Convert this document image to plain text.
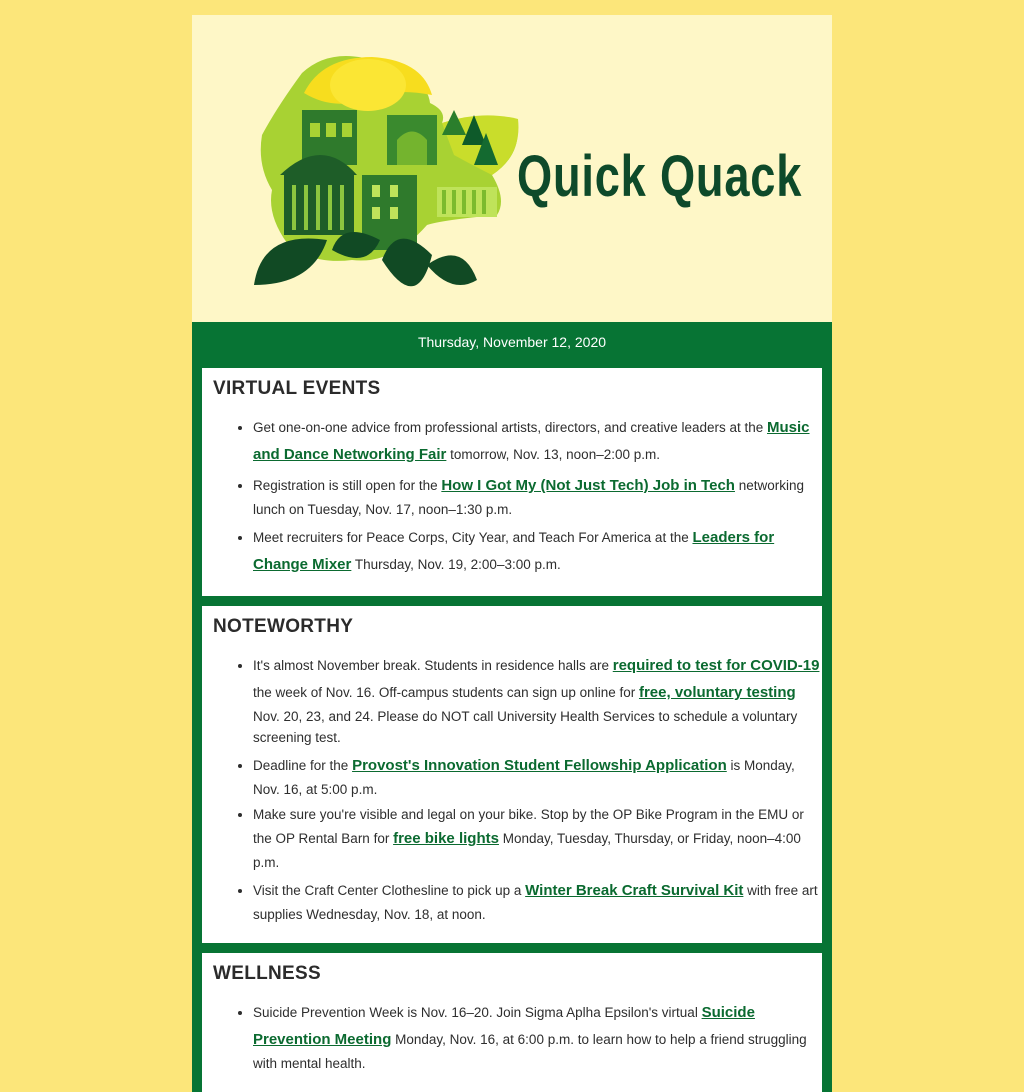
Quick Quack
Thursday, November 12, 2020
VIRTUAL EVENTS
• Get one-on-one advice from professional artists, directors, and creative leaders at the Music and Dance Networking Fair tomorrow, Nov. 13, noon–2:00 p.m.
• Registration is still open for the How I Got My (Not Just Tech) Job in Tech networking lunch on Tuesday, Nov. 17, noon–1:30 p.m.
• Meet recruiters for Peace Corps, City Year, and Teach For America at the Leaders for Change Mixer Thursday, Nov. 19, 2:00–3:00 p.m.
NOTEWORTHY
• It's almost November break. Students in residence halls are required to test for COVID-19 the week of Nov. 16. Off-campus students can sign up online for free, voluntary testing Nov. 20, 23, and 24. Please do NOT call University Health Services to schedule a voluntary screening test.
• Deadline for the Provost's Innovation Student Fellowship Application is Monday, Nov. 16, at 5:00 p.m.
• Make sure you're visible and legal on your bike. Stop by the OP Bike Program in the EMU or the OP Rental Barn for free bike lights Monday, Tuesday, Thursday, or Friday, noon–4:00 p.m.
• Visit the Craft Center Clothesline to pick up a Winter Break Craft Survival Kit with free art supplies Wednesday, Nov. 18, at noon.
WELLNESS
• Suicide Prevention Week is Nov. 16–20. Join Sigma Aplha Epsilon's virtual Suicide Prevention Meeting Monday, Nov. 16, at 6:00 p.m. to learn how to help a friend struggling with mental health.
